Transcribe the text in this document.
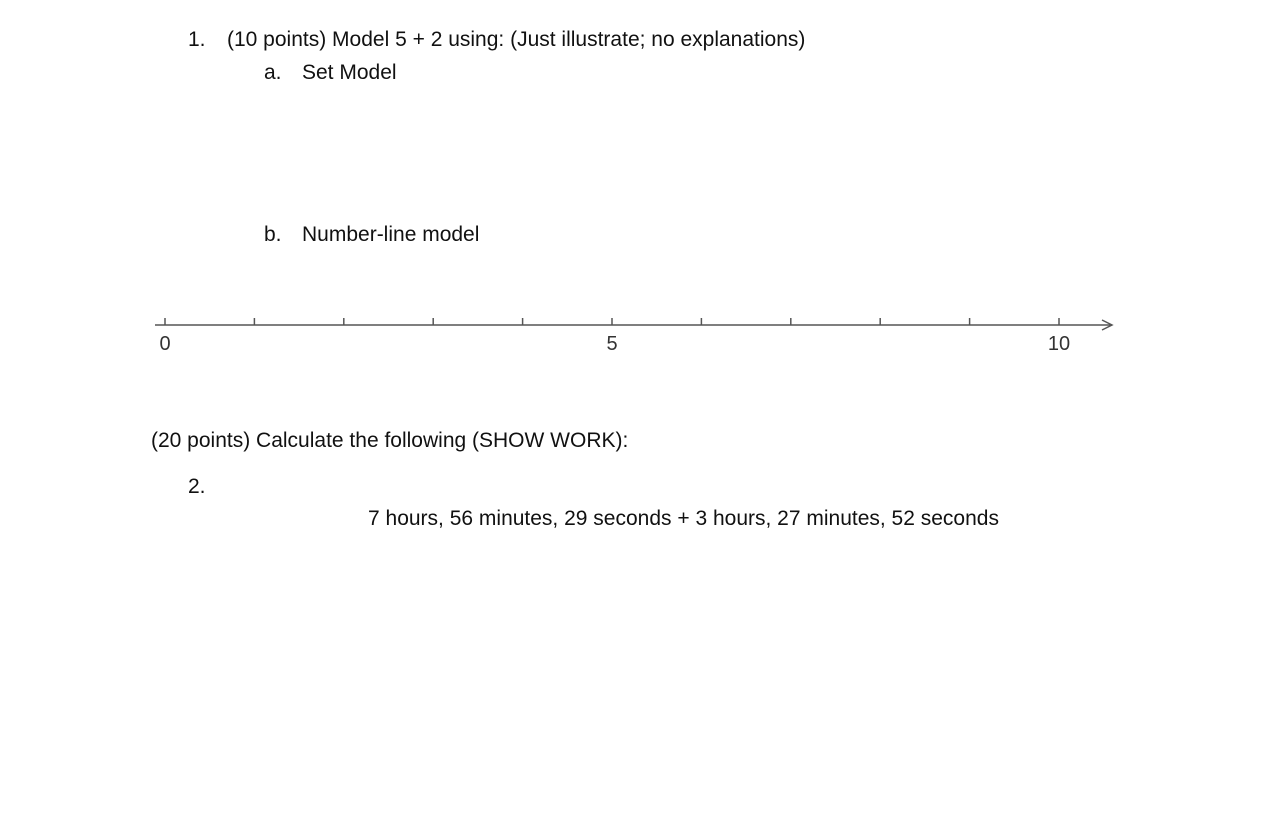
1. (10 points) Model 5 + 2 using: (Just illustrate; no explanations)
a. Set Model
b. Number-line model
0	5	10
(20 points) Calculate the following (SHOW WORK):
2.
7 hours, 56 minutes, 29 seconds + 3 hours, 27 minutes, 52 seconds
